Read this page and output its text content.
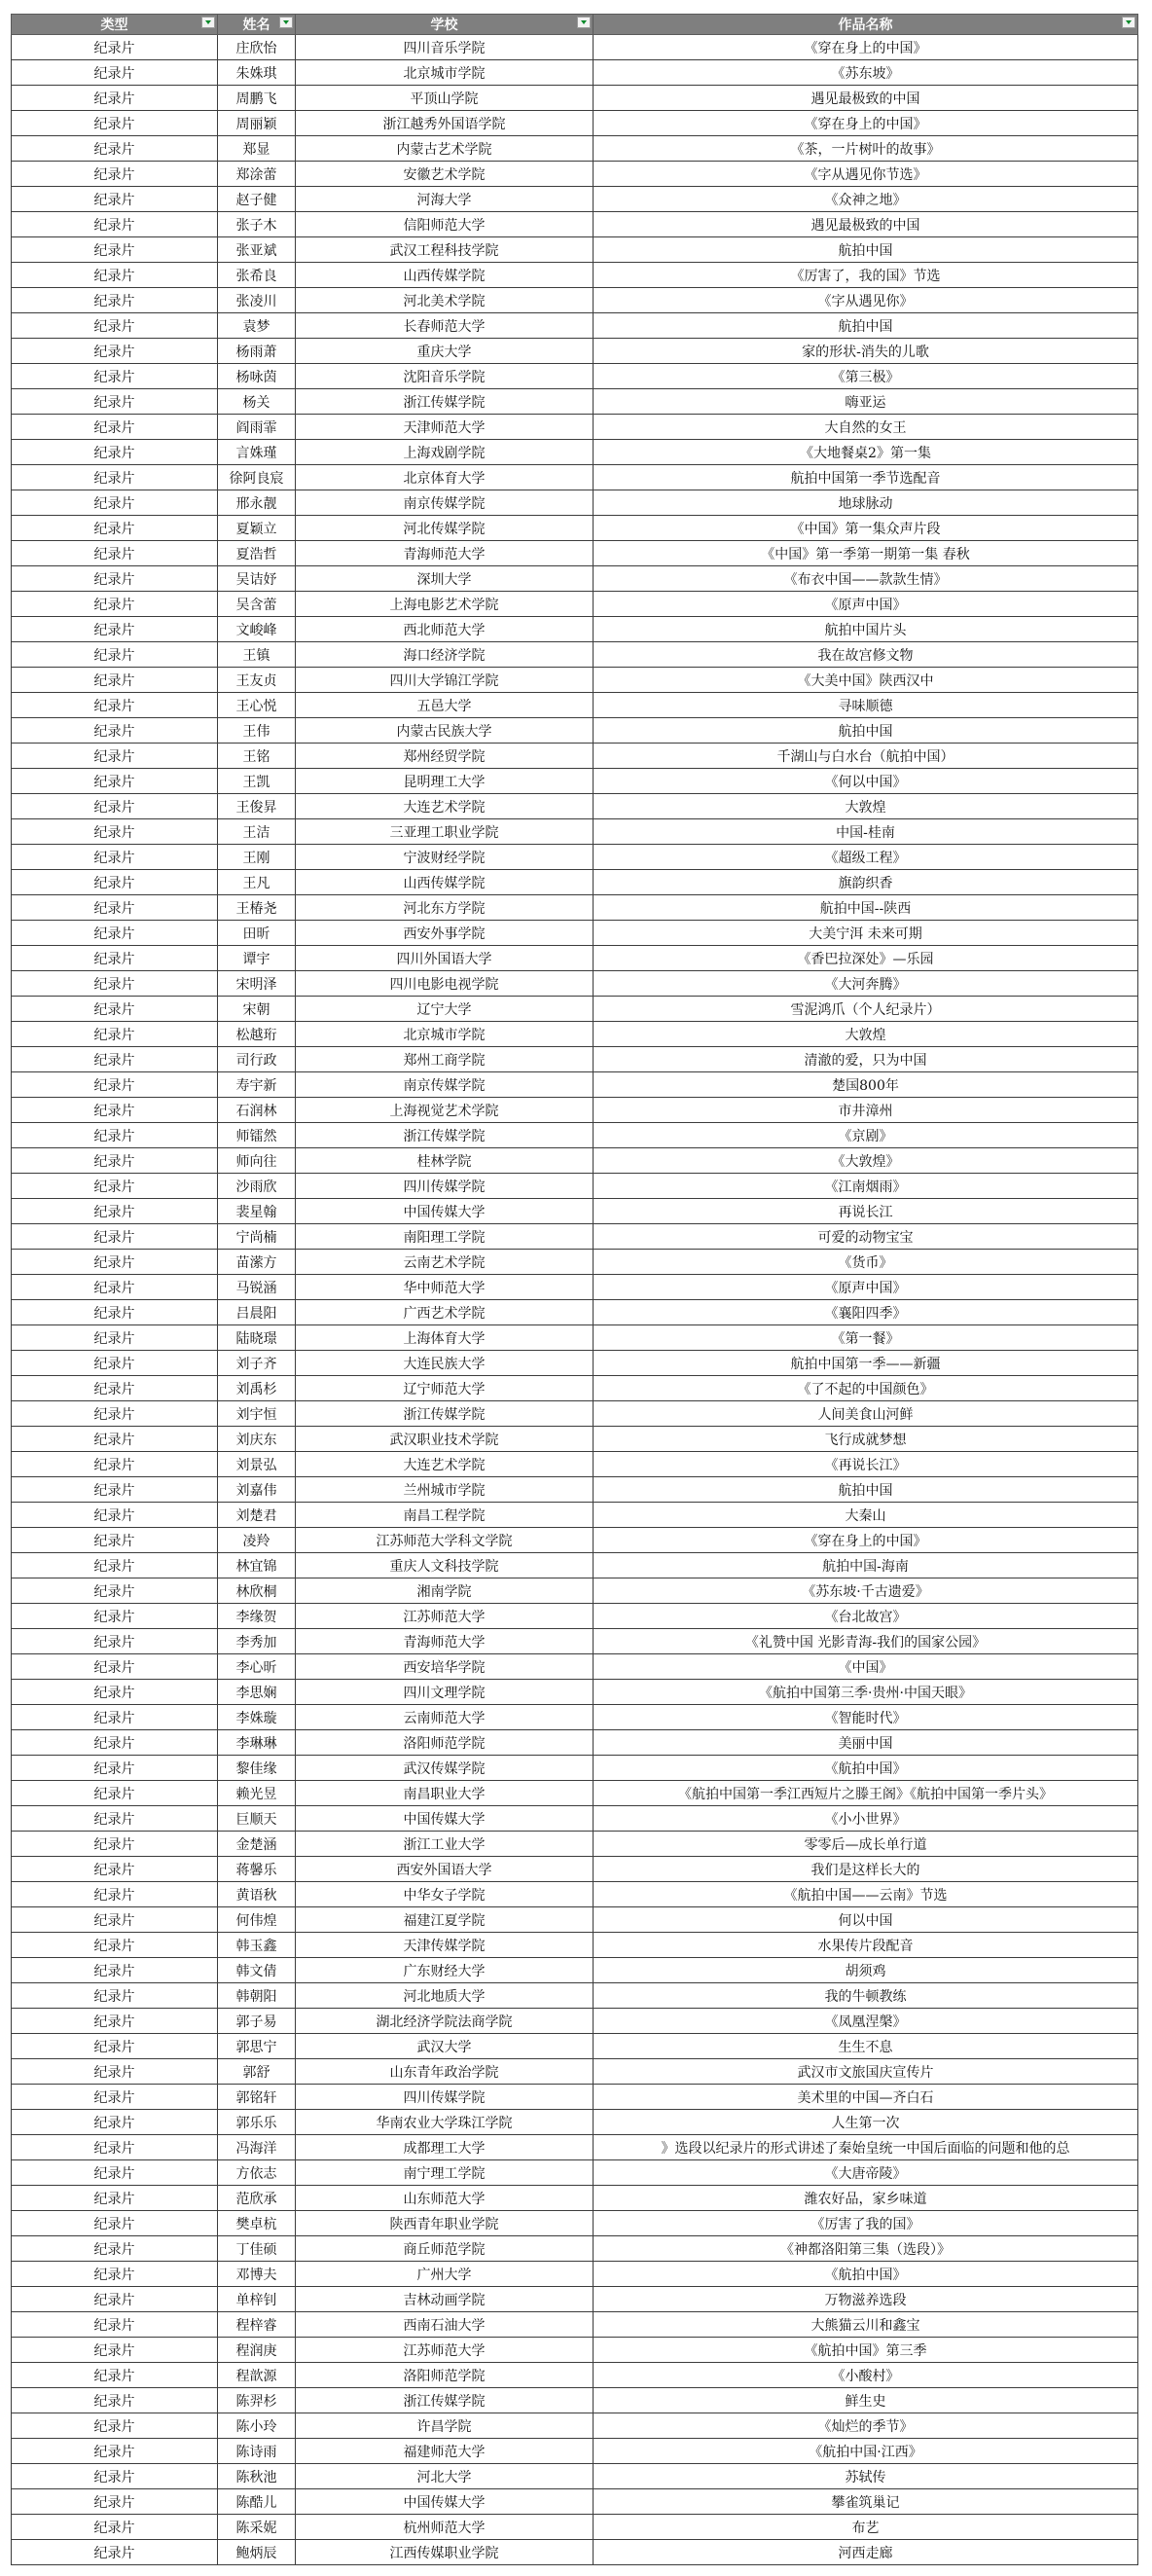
类型	姓名	学校	作品名称

纪录片	庄欣怡	四川音乐学院	《穿在身上的中国》
纪录片	朱姝琪	北京城市学院	《苏东坡》
纪录片	周鹏飞	平顶山学院	遇见最极致的中国
纪录片	周丽颖	浙江越秀外国语学院	《穿在身上的中国》
纪录片	郑显	内蒙古艺术学院	《茶，一片树叶的故事》
纪录片	郑涂蕾	安徽艺术学院	《字从遇见你节选》
纪录片	赵子健	河海大学	《众神之地》
纪录片	张子木	信阳师范大学	遇见最极致的中国
纪录片	张亚斌	武汉工程科技学院	航拍中国
纪录片	张希良	山西传媒学院	《厉害了，我的国》节选
纪录片	张凌川	河北美术学院	《字从遇见你》
纪录片	袁梦	长春师范大学	航拍中国
纪录片	杨雨萧	重庆大学	家的形状-消失的儿歌
纪录片	杨咏茵	沈阳音乐学院	《第三极》
纪录片	杨关	浙江传媒学院	嗨亚运
纪录片	阎雨霏	天津师范大学	大自然的女王
纪录片	言姝瑾	上海戏剧学院	《大地餐桌2》第一集
纪录片	徐阿良宸	北京体育大学	航拍中国第一季节选配音
纪录片	邢永靓	南京传媒学院	地球脉动
纪录片	夏颖立	河北传媒学院	《中国》第一集众声片段
纪录片	夏浩哲	青海师范大学	《中国》第一季第一期第一集 春秋
纪录片	吴诘妤	深圳大学	《布衣中国——款款生情》
纪录片	吴含蕾	上海电影艺术学院	《原声中国》
纪录片	文峻峰	西北师范大学	航拍中国片头
纪录片	王镇	海口经济学院	我在故宫修文物
纪录片	王友贞	四川大学锦江学院	《大美中国》陕西汉中
纪录片	王心悦	五邑大学	寻味顺德
纪录片	王伟	内蒙古民族大学	航拍中国
纪录片	王铭	郑州经贸学院	千湖山与白水台（航拍中国）
纪录片	王凯	昆明理工大学	《何以中国》
纪录片	王俊昇	大连艺术学院	大敦煌
纪录片	王洁	三亚理工职业学院	中国-桂南
纪录片	王刚	宁波财经学院	《超级工程》
纪录片	王凡	山西传媒学院	旗韵织香
纪录片	王椿尧	河北东方学院	航拍中国--陕西
纪录片	田昕	西安外事学院	大美宁洱 未来可期
纪录片	谭宇	四川外国语大学	《香巴拉深处》—乐园
纪录片	宋明泽	四川电影电视学院	《大河奔腾》
纪录片	宋朝	辽宁大学	雪泥鸿爪（个人纪录片）
纪录片	松越珩	北京城市学院	大敦煌
纪录片	司行政	郑州工商学院	清澈的爱，只为中国
纪录片	寿宇新	南京传媒学院	楚国800年
纪录片	石润林	上海视觉艺术学院	市井漳州
纪录片	师镭然	浙江传媒学院	《京剧》
纪录片	师向往	桂林学院	《大敦煌》
纪录片	沙雨欣	四川传媒学院	《江南烟雨》
纪录片	裴星翰	中国传媒大学	再说长江
纪录片	宁尚楠	南阳理工学院	可爱的动物宝宝
纪录片	苗潆方	云南艺术学院	《货币》
纪录片	马锐涵	华中师范大学	《原声中国》
纪录片	吕晨阳	广西艺术学院	《襄阳四季》
纪录片	陆晓璟	上海体育大学	《第一餐》
纪录片	刘子齐	大连民族大学	航拍中国第一季——新疆
纪录片	刘禹杉	辽宁师范大学	《了不起的中国颜色》
纪录片	刘宇恒	浙江传媒学院	人间美食山河鲜
纪录片	刘庆东	武汉职业技术学院	飞行成就梦想
纪录片	刘景弘	大连艺术学院	《再说长江》
纪录片	刘嘉伟	兰州城市学院	航拍中国
纪录片	刘楚君	南昌工程学院	大秦山
纪录片	凌羚	江苏师范大学科文学院	《穿在身上的中国》
纪录片	林宜锦	重庆人文科技学院	航拍中国-海南
纪录片	林欣桐	湘南学院	《苏东坡·千古遗爱》
纪录片	李缘贺	江苏师范大学	《台北故宫》
纪录片	李秀加	青海师范大学	《礼赞中国 光影青海-我们的国家公园》
纪录片	李心昕	西安培华学院	《中国》
纪录片	李思娴	四川文理学院	《航拍中国第三季·贵州·中国天眼》
纪录片	李姝璇	云南师范大学	《智能时代》
纪录片	李琳琳	洛阳师范学院	美丽中国
纪录片	黎佳缘	武汉传媒学院	《航拍中国》
纪录片	赖光昱	南昌职业大学	《航拍中国第一季江西短片之滕王阁》《航拍中国第一季片头》
纪录片	巨顺天	中国传媒大学	《小小世界》
纪录片	金楚涵	浙江工业大学	零零后—成长单行道
纪录片	蒋馨乐	西安外国语大学	我们是这样长大的
纪录片	黄语秋	中华女子学院	《航拍中国——云南》节选
纪录片	何伟煌	福建江夏学院	何以中国
纪录片	韩玉鑫	天津传媒学院	水果传片段配音
纪录片	韩文倩	广东财经大学	胡须鸡
纪录片	韩朝阳	河北地质大学	我的牛顿教练
纪录片	郭子易	湖北经济学院法商学院	《凤凰涅槃》
纪录片	郭思宁	武汉大学	生生不息
纪录片	郭舒	山东青年政治学院	武汉市文旅国庆宣传片
纪录片	郭铭轩	四川传媒学院	美术里的中国—齐白石
纪录片	郭乐乐	华南农业大学珠江学院	人生第一次
纪录片	冯海洋	成都理工大学	》选段以纪录片的形式讲述了秦始皇统一中国后面临的问题和他的总
纪录片	方依志	南宁理工学院	《大唐帝陵》
纪录片	范欣承	山东师范大学	潍农好品，家乡味道
纪录片	樊卓杭	陕西青年职业学院	《厉害了我的国》
纪录片	丁佳硕	商丘师范学院	《神都洛阳第三集（选段）》
纪录片	邓博夫	广州大学	《航拍中国》
纪录片	单梓钊	吉林动画学院	万物滋养选段
纪录片	程梓睿	西南石油大学	大熊猫云川和鑫宝
纪录片	程润庚	江苏师范大学	《航拍中国》第三季
纪录片	程歆源	洛阳师范学院	《小酸村》
纪录片	陈羿杉	浙江传媒学院	鲜生史
纪录片	陈小玲	许昌学院	《灿烂的季节》
纪录片	陈诗雨	福建师范大学	《航拍中国·江西》
纪录片	陈秋池	河北大学	苏轼传
纪录片	陈酷儿	中国传媒大学	攀雀筑巢记
纪录片	陈采妮	杭州师范大学	布艺
纪录片	鲍炳辰	江西传媒职业学院	河西走廊
